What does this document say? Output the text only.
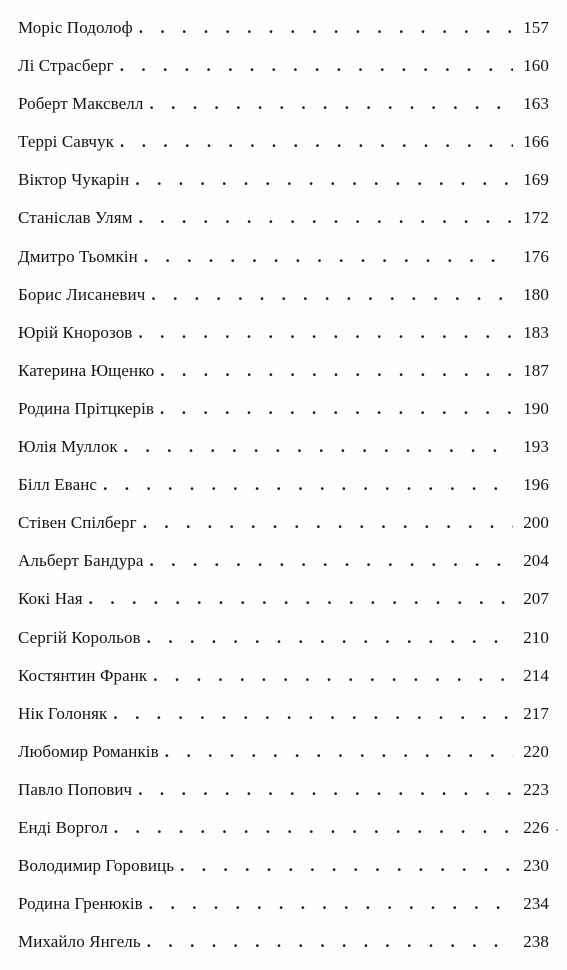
Моріс Подолоф . . .	157
Лі Страсберг . . .	160
Роберт Максвелл . . .	163
Террі Савчук . . .	166
Віктор Чукарін . . .	169
Станіслав Улям . . .	172
Дмитро Тьомкін . . .	176
Борис Лисаневич . . .	180
Юрій Кнорозов . . .	183
Катерина Ющенко . . .	187
Родина Прітцкерів . . .	190
Юлія Муллок . . .	193
Білл Еванс . . .	196
Стівен Спілберг . . .	200
Альберт Бандура . . .	204
Кокі Ная . . .	207
Сергій Корольов . . .	210
Костянтин Франк . . .	214
Нік Голоняк . . .	217
Любомир Романків . . .	220
Павло Попович . . .	223
Енді Воргол . . .	226
Володимир Горовиць . . .	230
Родина Гренюків . . .	234
Михайло Янгель . . .	238
